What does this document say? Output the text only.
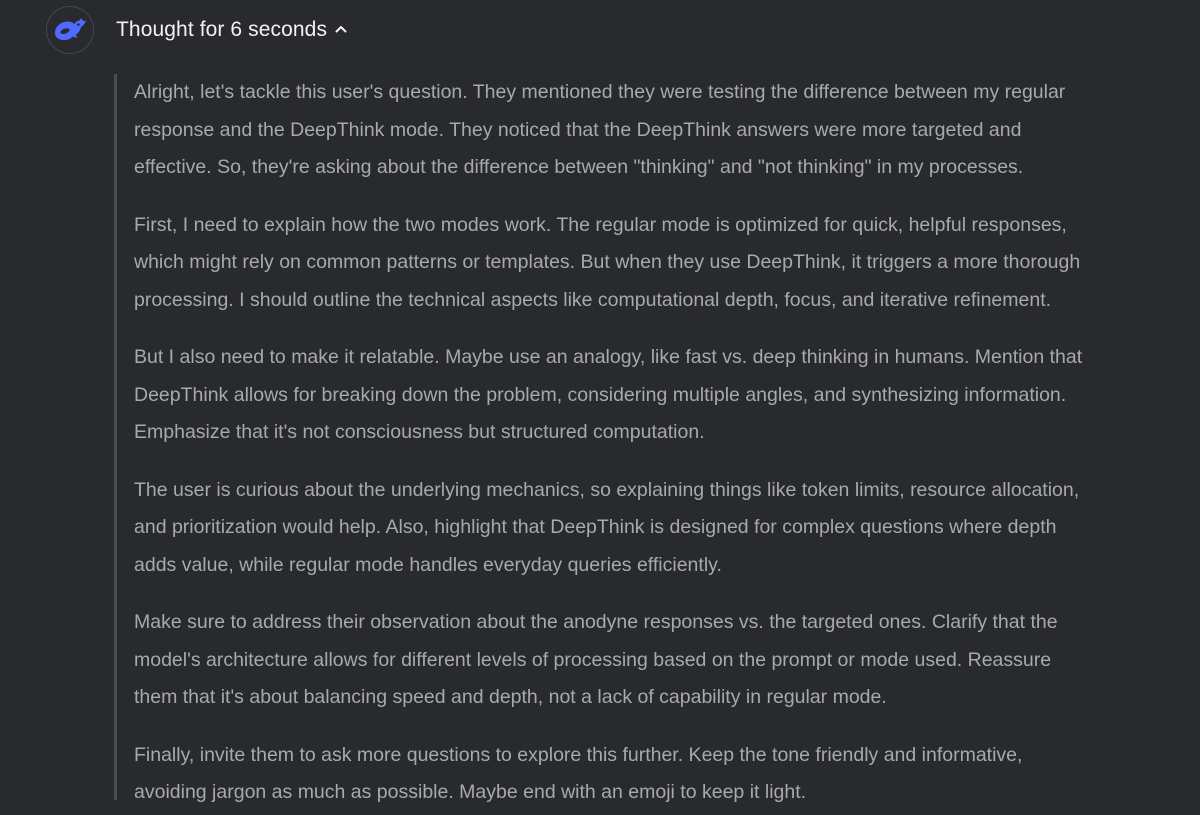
Thought for 6 seconds

Alright, let's tackle this user's question. They mentioned they were testing the difference between my regular
response and the DeepThink mode. They noticed that the DeepThink answers were more targeted and
effective. So, they're asking about the difference between "thinking" and "not thinking" in my processes.

First, I need to explain how the two modes work. The regular mode is optimized for quick, helpful responses,
which might rely on common patterns or templates. But when they use DeepThink, it triggers a more thorough
processing. I should outline the technical aspects like computational depth, focus, and iterative refinement.

But I also need to make it relatable. Maybe use an analogy, like fast vs. deep thinking in humans. Mention that
DeepThink allows for breaking down the problem, considering multiple angles, and synthesizing information.
Emphasize that it's not consciousness but structured computation.

The user is curious about the underlying mechanics, so explaining things like token limits, resource allocation,
and prioritization would help. Also, highlight that DeepThink is designed for complex questions where depth
adds value, while regular mode handles everyday queries efficiently.

Make sure to address their observation about the anodyne responses vs. the targeted ones. Clarify that the
model's architecture allows for different levels of processing based on the prompt or mode used. Reassure
them that it's about balancing speed and depth, not a lack of capability in regular mode.

Finally, invite them to ask more questions to explore this further. Keep the tone friendly and informative,
avoiding jargon as much as possible. Maybe end with an emoji to keep it light.
